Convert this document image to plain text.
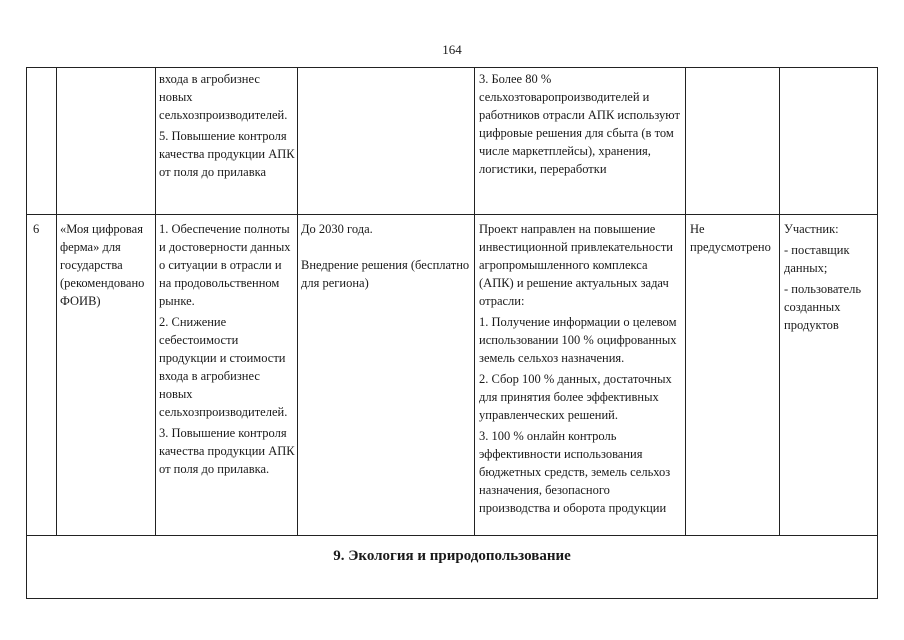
164

входа в агробизнес новых сельхозпроизводителей.

5. Повышение контроля качества продукции АПК от поля до прилавка

3. Более 80 % сельхозтоваропроизводителей и работников отрасли АПК используют цифровые решения для сбыта (в том числе маркетплейсы), хранения, логистики, переработки

6	«Моя цифровая ферма» для государства (рекомендовано ФОИВ)

1. Обеспечение полноты и достоверности данных о ситуации в отрасли и на продовольственном рынке.

2. Снижение себестоимости продукции и стоимости входа в агробизнес новых сельхозпроизводителей.

3. Повышение контроля качества продукции АПК от поля до прилавка.

До 2030 года.

Внедрение решения (бесплатно для региона)

Проект направлен на повышение инвестиционной привлекательности агропромышленного комплекса (АПК) и решение актуальных задач отрасли:

1. Получение информации о целевом использовании 100 % оцифрованных земель сельхоз назначения.

2. Сбор 100 % данных, достаточных для принятия более эффективных управленческих решений.

3. 100 % онлайн контроль эффективности использования бюджетных средств, земель сельхоз назначения, безопасного производства и оборота продукции

Не предусмотрено

Участник:

- поставщик данных;

- пользователь созданных продуктов

9. Экология и природопользование
